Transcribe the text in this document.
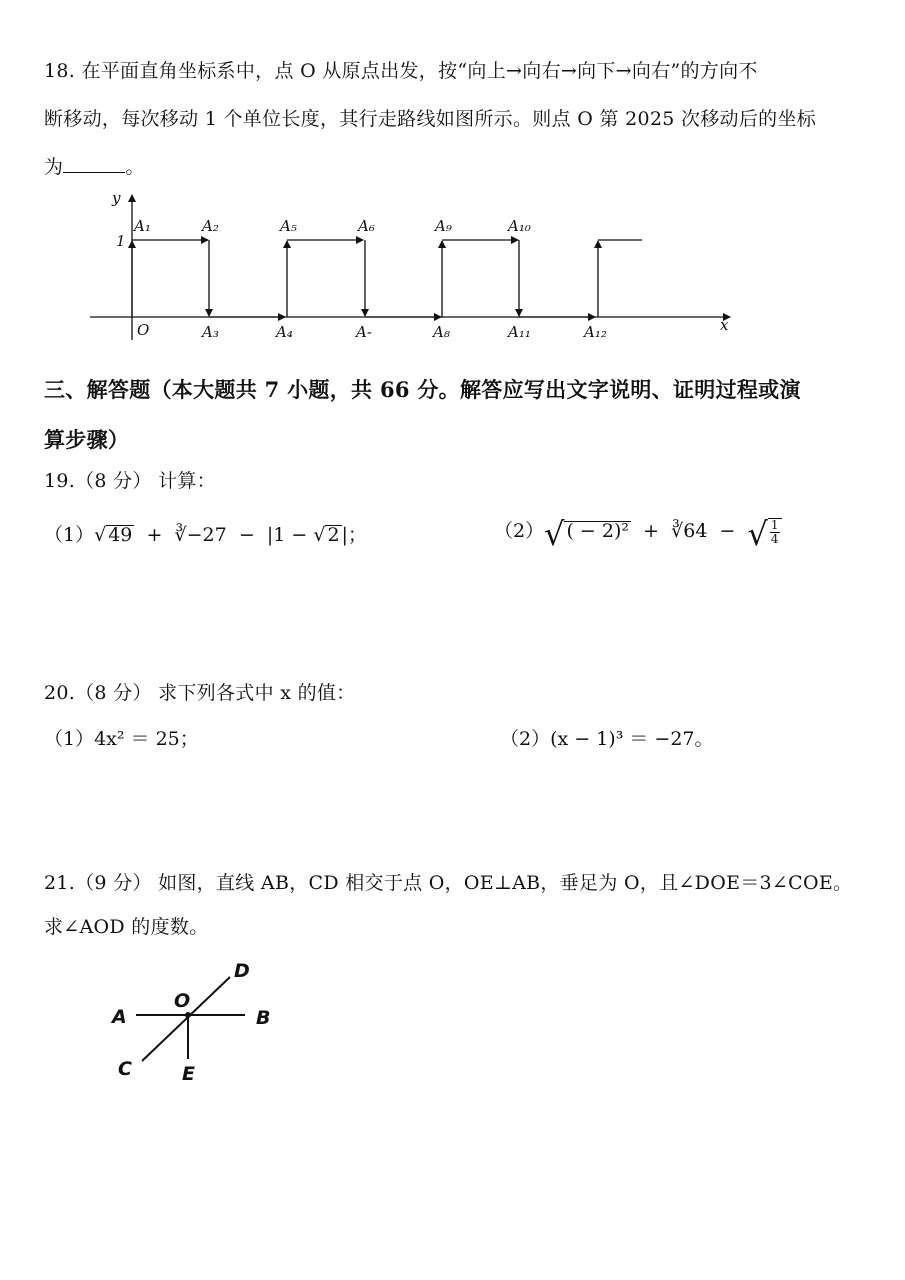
18. 在平面直角坐标系中，点 O 从原点出发，按“向上→向右→向下→向右”的方向不
断移动，每次移动 1 个单位长度，其行走路线如图所示。则点 O 第 2025 次移动后的坐标
为	。
y
x
O
1
A₁	A₂	A₅	A₆	A₉	A₁₀
A₃	A₄	A-	A₈	A₁₁	A₁₂
三、解答题（本大题共 7 小题，共 66 分。解答应写出文字说明、证明过程或演
算步骤）
19.（8 分） 计算：
（1）√ 49 + ∛−27 − |1 − √ 2 |；	（2）√ ( − 2)² + ∛64 − √ $\frac{1}{4}$
20.（8 分） 求下列各式中 x 的值：
（1）4x² ＝ 25；	（2）(x − 1)³ ＝ −27。
21.（9 分） 如图，直线 AB，CD 相交于点 O，OE⊥AB，垂足为 O，且∠DOE＝3∠COE。
求∠AOD 的度数。
A	B
C
D
E
O
